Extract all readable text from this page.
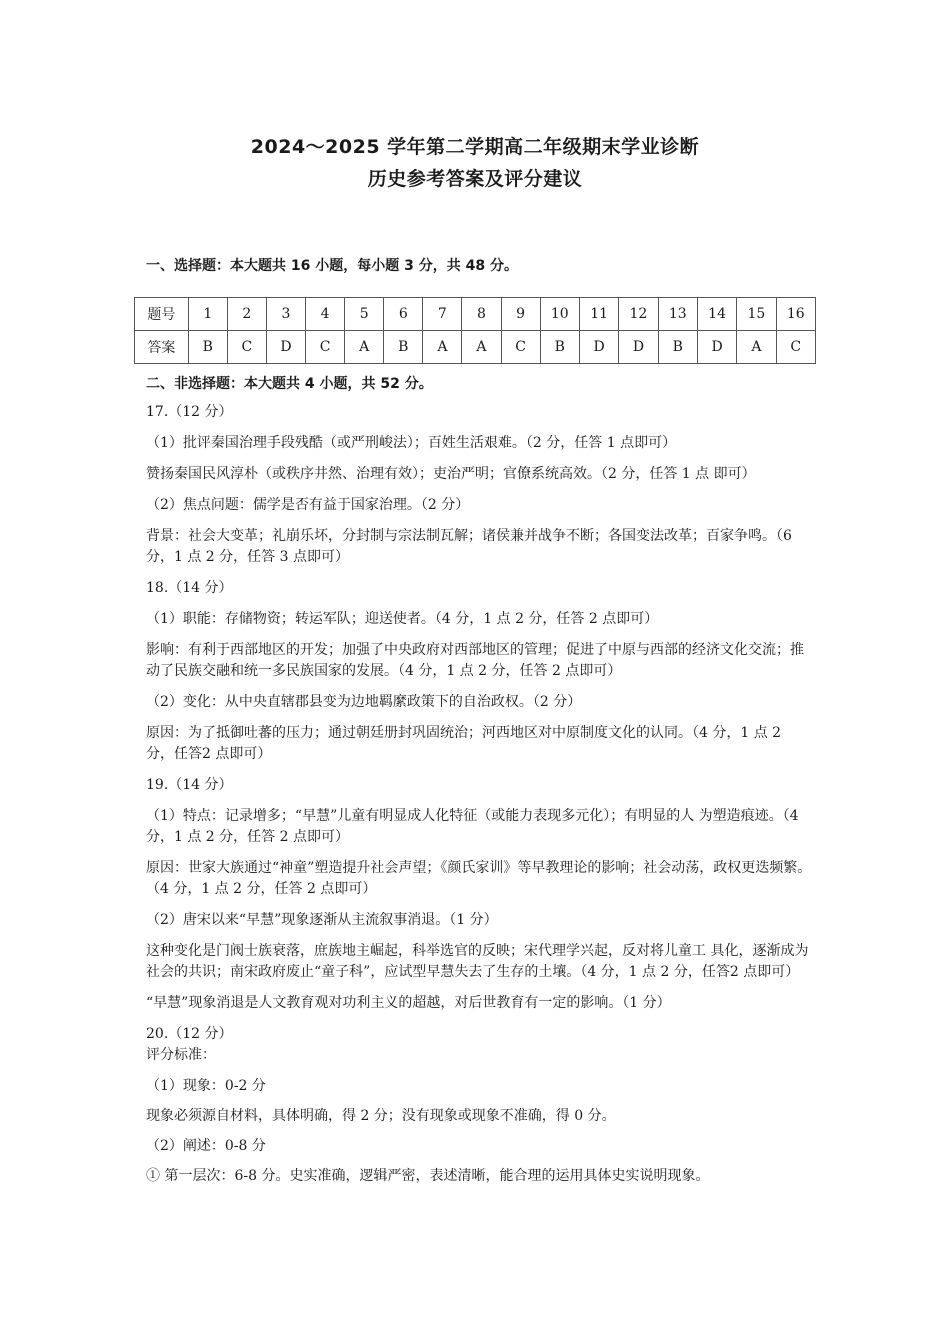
2024～2025 学年第二学期高二年级期末学业诊断
历史参考答案及评分建议
一、选择题：本大题共 16 小题，每小题 3 分，共 48 分。
题号	1	2	3	4	5	6	7	8	9	10	11	12	13	14	15	16
答案	B	C	D	C	A	B	A	A	C	B	D	D	B	D	A	C
二、非选择题：本大题共 4 小题，共 52 分。

17.（12 分）

（1）批评秦国治理手段残酷（或严刑峻法）；百姓生活艰难。（2 分，任答 1 点即可）

赞扬秦国民风淳朴（或秩序井然、治理有效）；吏治严明；官僚系统高效。（2 分，任答 1 点 即可）

（2）焦点问题：儒学是否有益于国家治理。（2 分）

背景：社会大变革；礼崩乐坏，分封制与宗法制瓦解；诸侯兼并战争不断；各国变法改革；百家争鸣。（6 分，1 点 2 分，任答 3 点即可）

18.（14 分）

（1）职能：存储物资；转运军队；迎送使者。（4 分，1 点 2 分，任答 2 点即可）

影响：有利于西部地区的开发；加强了中央政府对西部地区的管理；促进了中原与西部的经济文化交流；推动了民族交融和统一多民族国家的发展。（4 分，1 点 2 分，任答 2 点即可）

（2）变化：从中央直辖郡县变为边地羁縻政策下的自治政权。（2 分）

原因：为了抵御吐蕃的压力；通过朝廷册封巩固统治；河西地区对中原制度文化的认同。（4 分，1 点 2 分，任答2 点即可）

19.（14 分）

（1）特点：记录增多；“早慧”儿童有明显成人化特征（或能力表现多元化）；有明显的人 为塑造痕迹。（4 分，1 点 2 分，任答 2 点即可）

原因：世家大族通过“神童”塑造提升社会声望；《颜氏家训》等早教理论的影响；社会动荡，政权更迭频繁。（4 分，1 点 2 分，任答 2 点即可）

（2）唐宋以来“早慧”现象逐渐从主流叙事消退。（1 分）

这种变化是门阀士族衰落，庶族地主崛起，科举选官的反映；宋代理学兴起，反对将儿童工 具化，逐渐成为社会的共识；南宋政府废止“童子科”，应试型早慧失去了生存的土壤。（4 分，1 点 2 分，任答2 点即可）

“早慧”现象消退是人文教育观对功利主义的超越，对后世教育有一定的影响。（1 分）

20.（12 分） 评分标准：

（1）现象：0-2 分

现象必须源自材料，具体明确，得 2 分；没有现象或现象不准确，得 0 分。

（2）阐述：0-8 分

① 第一层次：6-8 分。史实准确，逻辑严密，表述清晰，能合理的运用具体史实说明现象。
